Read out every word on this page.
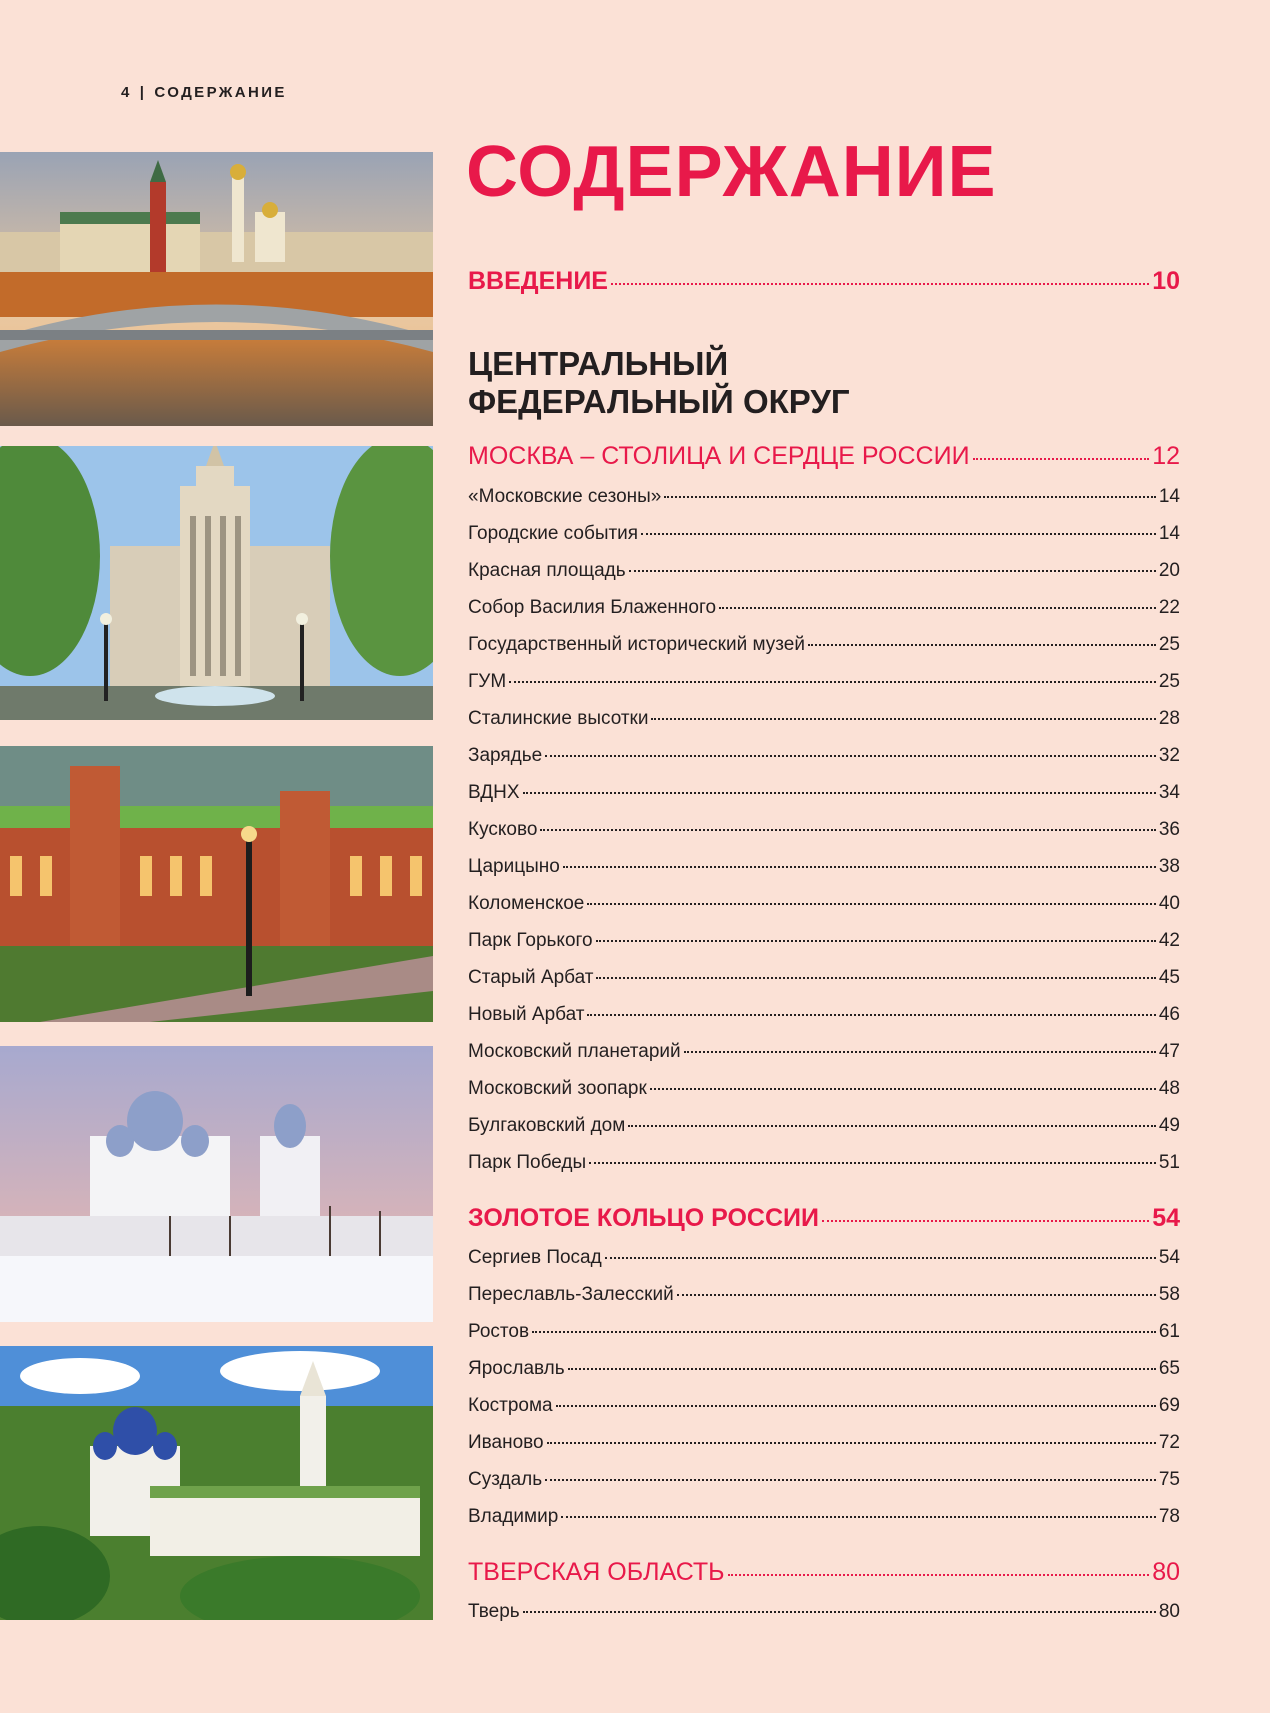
4 | СОДЕРЖАНИЕ
СОДЕРЖАНИЕ
ВВЕДЕНИЕ	10
ЦЕНТРАЛЬНЫЙ
ФЕДЕРАЛЬНЫЙ ОКРУГ
МОСКВА – СТОЛИЦА И СЕРДЦЕ РОССИИ	12
«Московские сезоны»	14
Городские события	14
Красная площадь	20
Собор Василия Блаженного	22
Государственный исторический музей	25
ГУМ	25
Сталинские высотки	28
Зарядье	32
ВДНХ	34
Кусково	36
Царицыно	38
Коломенское	40
Парк Горького	42
Старый Арбат	45
Новый Арбат	46
Московский планетарий	47
Московский зоопарк	48
Булгаковский дом	49
Парк Победы	51
ЗОЛОТОЕ КОЛЬЦО РОССИИ	54
Сергиев Посад	54
Переславль-Залесский	58
Ростов	61
Ярославль	65
Кострома	69
Иваново	72
Суздаль	75
Владимир	78
ТВЕРСКАЯ ОБЛАСТЬ	80
Тверь	80
